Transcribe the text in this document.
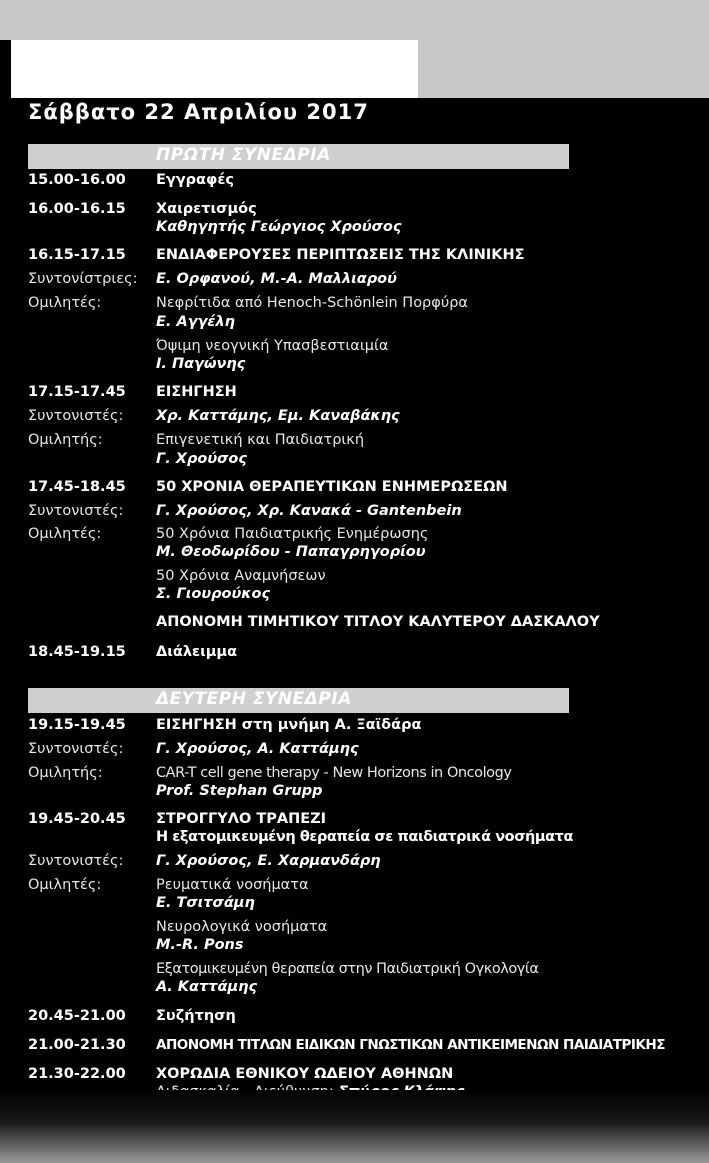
Σάββατο 22 Απριλίου 2017
ΠΡΩΤΗ ΣΥΝΕΔΡΙΑ
15.00-16.00 Εγγραφές
16.00-16.15 Χαιρετισμός
Καθηγητής Γεώργιος Χρούσος
16.15-17.15 ΕΝΔΙΑΦΕΡΟΥΣΕΣ ΠΕΡΙΠΤΩΣΕΙΣ ΤΗΣ ΚΛΙΝΙΚΗΣ
Συντονίστριες: Ε. Ορφανού, Μ.-Α. Μαλλιαρού
Ομιλητές:	Νεφρίτιδα από Henoch-Schönlein Πορφύρα
Ε. Αγγέλη
Όψιμη νεογνική Υπασβεστιαιμία
Ι. Παγώνης
17.15-17.45 ΕΙΣΗΓΗΣΗ
Συντονιστές: Χρ. Καττάμης, Εμ. Καναβάκης
Ομιλητής:	Επιγενετική και Παιδιατρική
Γ. Χρούσος
17.45-18.45 50 ΧΡΟΝΙΑ ΘΕΡΑΠΕΥΤΙΚΩΝ ΕΝΗΜΕΡΩΣΕΩΝ
Συντονιστές: Γ. Χρούσος, Χρ. Κανακά - Gantenbein
Ομιλητές:	50 Χρόνια Παιδιατρικής Ενημέρωσης
Μ. Θεοδωρίδου - Παπαγρηγορίου
50 Χρόνια Αναμνήσεων
Σ. Γιουρούκος
ΑΠΟΝΟΜΗ ΤΙΜΗΤΙΚΟΥ ΤΙΤΛΟΥ ΚΑΛΥΤΕΡΟΥ ΔΑΣΚΑΛΟΥ
18.45-19.15 Διάλειμμα
ΔΕΥΤΕΡΗ ΣΥΝΕΔΡΙΑ
19.15-19.45 ΕΙΣΗΓΗΣΗ στη μνήμη Α. Ξαϊδάρα
Συντονιστές: Γ. Χρούσος, Α. Καττάμης
Ομιλητής:	CAR-T cell gene therapy - New Horizons in Oncology
Prof. Stephan Grupp
19.45-20.45 ΣΤΡΟΓΓΥΛΟ ΤΡΑΠΕΖΙ
Η εξατομικευμένη θεραπεία σε παιδιατρικά νοσήματα
Συντονιστές: Γ. Χρούσος, Ε. Χαρμανδάρη
Ομιλητές:	Ρευματικά νοσήματα
Ε. Τσιτσάμη
Νευρολογικά νοσήματα
M.-R. Pons
Εξατομικευμένη θεραπεία στην Παιδιατρική Ογκολογία
Α. Καττάμης
20.45-21.00 Συζήτηση
21.00-21.30 ΑΠΟΝΟΜΗ ΤΙΤΛΩΝ ΕΙΔΙΚΩΝ ΓΝΩΣΤΙΚΩΝ ΑΝΤΙΚΕΙΜΕΝΩΝ ΠΑΙΔΙΑΤΡΙΚΗΣ
21.30-22.00 ΧΟΡΩΔΙΑ ΕΘΝΙΚΟΥ ΩΔΕΙΟΥ ΑΘΗΝΩΝ
